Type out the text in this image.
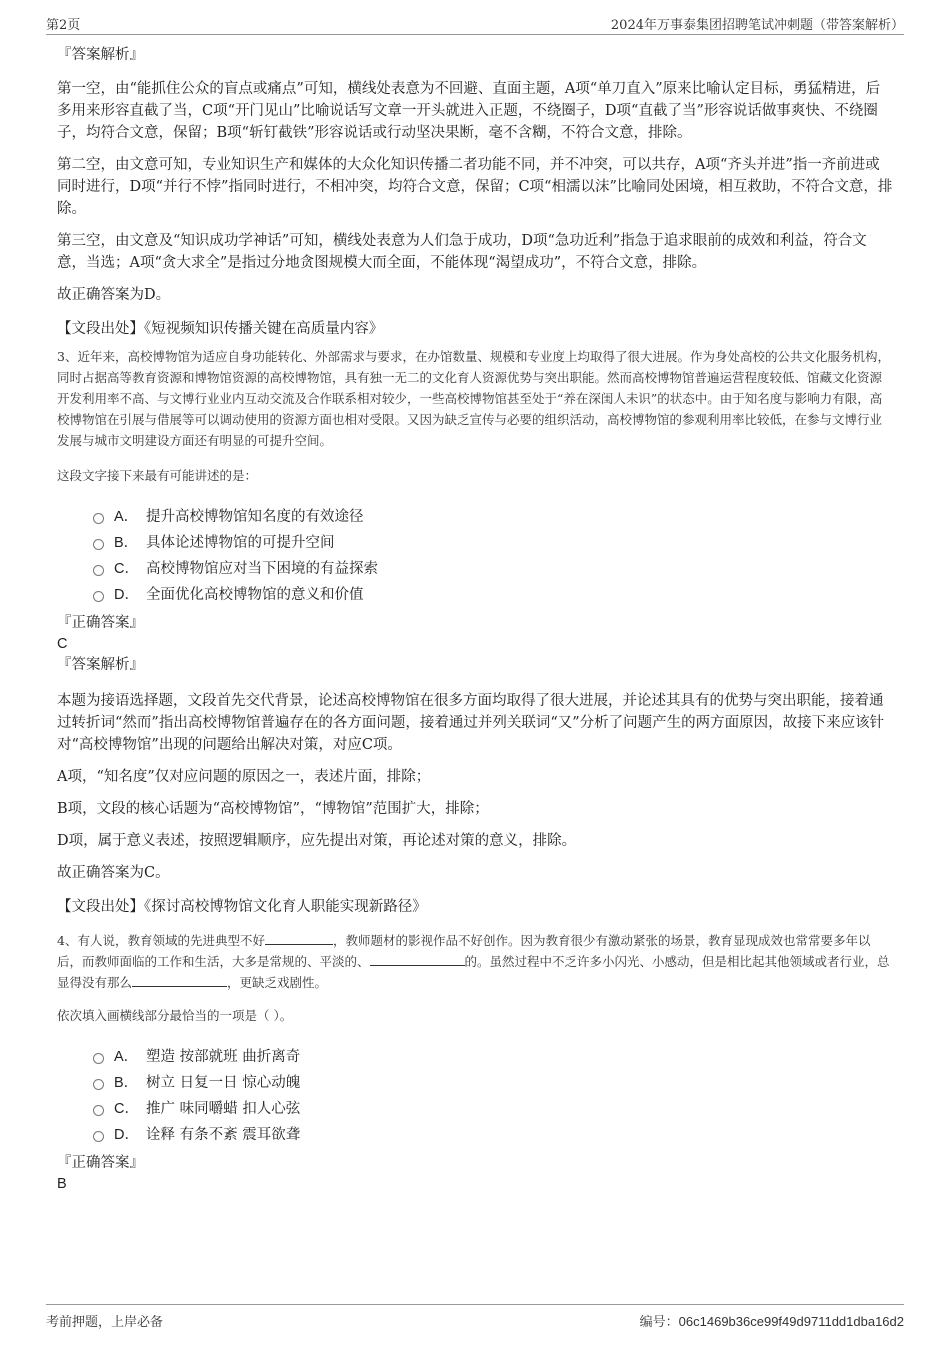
第2页	2024年万事泰集团招聘笔试冲刺题（带答案解析）

『答案解析』

第一空，由“能抓住公众的盲点或痛点”可知，横线处表意为不回避、直面主题，A项“单刀直入”原来比喻认定目标，勇猛精进，后多用来形容直截了当，C项“开门见山”比喻说话写文章一开头就进入正题，不绕圈子，D项“直截了当”形容说话做事爽快、不绕圈子，均符合文意，保留；B项“斩钉截铁”形容说话或行动坚决果断，毫不含糊，不符合文意，排除。

第二空，由文意可知，专业知识生产和媒体的大众化知识传播二者功能不同，并不冲突，可以共存，A项“齐头并进”指一齐前进或同时进行，D项“并行不悖”指同时进行，不相冲突，均符合文意，保留；C项“相濡以沫”比喻同处困境，相互救助，不符合文意，排除。

第三空，由文意及“知识成功学神话”可知，横线处表意为人们急于成功，D项“急功近利”指急于追求眼前的成效和利益，符合文意，当选；A项“贪大求全”是指过分地贪图规模大而全面，不能体现“渴望成功”，不符合文意，排除。

故正确答案为D。

【文段出处】《短视频知识传播关键在高质量内容》

3、近年来，高校博物馆为适应自身功能转化、外部需求与要求，在办馆数量、规模和专业度上均取得了很大进展。作为身处高校的公共文化服务机构，同时占据高等教育资源和博物馆资源的高校博物馆，具有独一无二的文化育人资源优势与突出职能。然而高校博物馆普遍运营程度较低、馆藏文化资源开发利用率不高、与文博行业业内互动交流及合作联系相对较少，一些高校博物馆甚至处于“养在深闺人未识”的状态中。由于知名度与影响力有限，高校博物馆在引展与借展等可以调动使用的资源方面也相对受限。又因为缺乏宣传与必要的组织活动，高校博物馆的参观利用率比较低，在参与文博行业发展与城市文明建设方面还有明显的可提升空间。

这段文字接下来最有可能讲述的是：

A． 提升高校博物馆知名度的有效途径
B． 具体论述博物馆的可提升空间
C． 高校博物馆应对当下困境的有益探索
D． 全面优化高校博物馆的意义和价值

『正确答案』

C

『答案解析』

本题为接语选择题，文段首先交代背景，论述高校博物馆在很多方面均取得了很大进展，并论述其具有的优势与突出职能，接着通过转折词“然而”指出高校博物馆普遍存在的各方面问题，接着通过并列关联词“又”分析了问题产生的两方面原因，故接下来应该针对“高校博物馆”出现的问题给出解决对策，对应C项。

A项，“知名度”仅对应问题的原因之一，表述片面，排除；

B项，文段的核心话题为“高校博物馆”，“博物馆”范围扩大，排除；

D项，属于意义表述，按照逻辑顺序，应先提出对策，再论述对策的意义，排除。

故正确答案为C。

【文段出处】《探讨高校博物馆文化育人职能实现新路径》

4、有人说，教育领域的先进典型不好	，教师题材的影视作品不好创作。因为教育很少有激动紧张的场景，教育显现成效也常常要多年以后，而教师面临的工作和生活，大多是常规的、平淡的、	的。虽然过程中不乏许多小闪光、小感动，但是相比起其他领域或者行业，总显得没有那么	，更缺乏戏剧性。

依次填入画横线部分最恰当的一项是（ ）。

A． 塑造 按部就班 曲折离奇
B． 树立 日复一日 惊心动魄
C． 推广 味同嚼蜡 扣人心弦
D． 诠释 有条不紊 震耳欲聋

『正确答案』

B

考前押题，上岸必备	编号：06c1469b36ce99f49d9711dd1dba16d2
